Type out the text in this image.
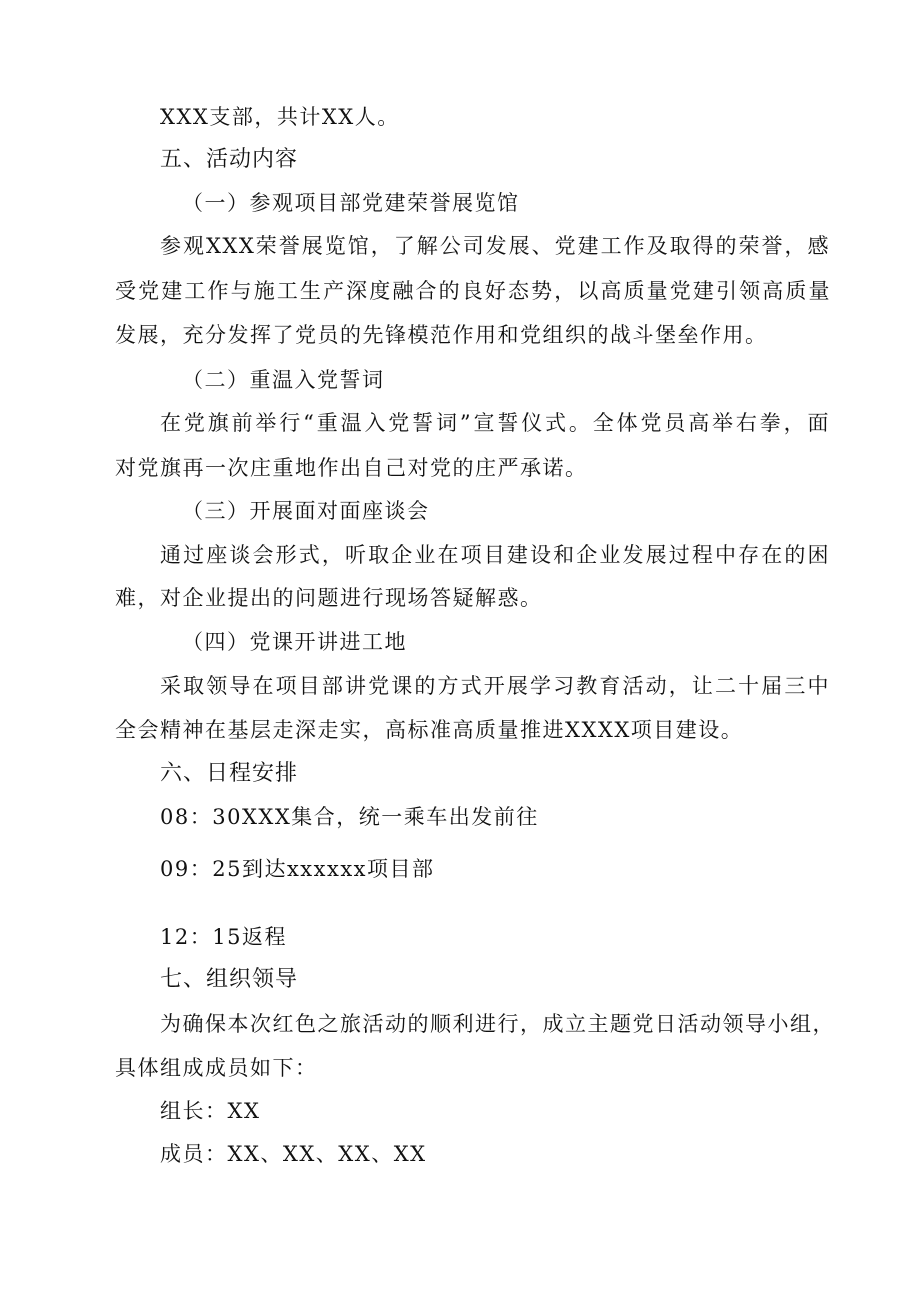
XXX支部，共计XX人。
五、活动内容
（一）参观项目部党建荣誉展览馆
参观XXX荣誉展览馆，了解公司发展、党建工作及取得的荣誉，感
受党建工作与施工生产深度融合的良好态势，以高质量党建引领高质量
发展，充分发挥了党员的先锋模范作用和党组织的战斗堡垒作用。
（二）重温入党誓词
在党旗前举行“重温入党誓词”宣誓仪式。全体党员高举右拳，面
对党旗再一次庄重地作出自己对党的庄严承诺。
（三）开展面对面座谈会
通过座谈会形式，听取企业在项目建设和企业发展过程中存在的困
难，对企业提出的问题进行现场答疑解惑。
（四）党课开讲进工地
采取领导在项目部讲党课的方式开展学习教育活动，让二十届三中
全会精神在基层走深走实，高标准高质量推进XXXX项目建设。
六、日程安排
08：30XXX集合，统一乘车出发前往
09：25到达xxxxxx项目部
12：15返程
七、组织领导
为确保本次红色之旅活动的顺利进行，成立主题党日活动领导小组，
具体组成成员如下：
组长：XX
成员：XX、XX、XX、XX
